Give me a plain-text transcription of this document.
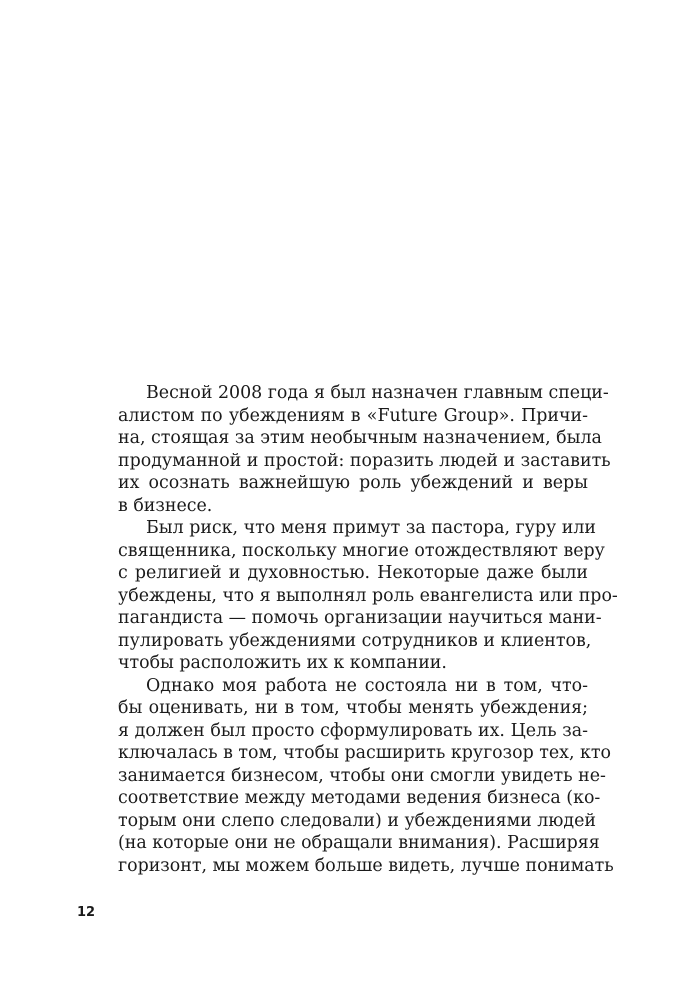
Весной 2008 года я был назначен главным специ-
алистом по убеждениям в «Future Group». Причи-
на, стоящая за этим необычным назначением, была
продуманной и простой: поразить людей и заставить
их осознать важнейшую роль убеждений и веры
в бизнесе.
Был риск, что меня примут за пастора, гуру или
священника, поскольку многие отождествляют веру
с религией и духовностью. Некоторые даже были
убеждены, что я выполнял роль евангелиста или про-
пагандиста — помочь организации научиться мани-
пулировать убеждениями сотрудников и клиентов,
чтобы расположить их к компании.
Однако моя работа не состояла ни в том, что-
бы оценивать, ни в том, чтобы менять убеждения;
я должен был просто сформулировать их. Цель за-
ключалась в том, чтобы расширить кругозор тех, кто
занимается бизнесом, чтобы они смогли увидеть не-
соответствие между методами ведения бизнеса (ко-
торым они слепо следовали) и убеждениями людей
(на которые они не обращали внимания). Расширяя
горизонт, мы можем больше видеть, лучше понимать

12
